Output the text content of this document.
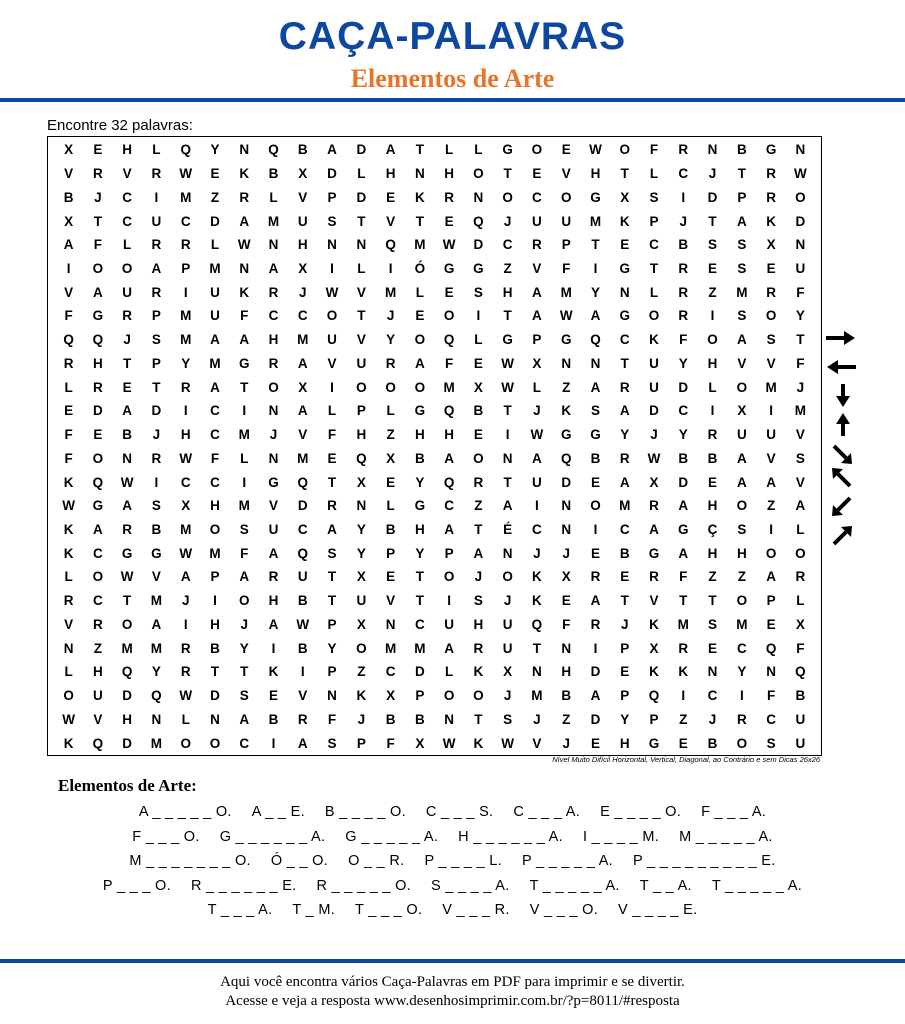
CAÇA-PALAVRAS
Elementos de Arte
Encontre 32 palavras:
X	E	H	L	Q	Y	N	Q	B	A	D	A	T	L	L	G	O	E	W	O	F	R	N	B	G	N
V	R	V	R	W	E	K	B	X	D	L	H	N	H	O	T	E	V	H	T	L	C	J	T	R	W
B	J	C	I	M	Z	R	L	V	P	D	E	K	R	N	O	C	O	G	X	S	I	D	P	R	O
X	T	C	U	C	D	A	M	U	S	T	V	T	E	Q	J	U	U	M	K	P	J	T	A	K	D
A	F	L	R	R	L	W	N	H	N	N	Q	M	W	D	C	R	P	T	E	C	B	S	S	X	N
I	O	O	A	P	M	N	A	X	I	L	I	Ó	G	G	Z	V	F	I	G	T	R	E	S	E	U
V	A	U	R	I	U	K	R	J	W	V	M	L	E	S	H	A	M	Y	N	L	R	Z	M	R	F
F	G	R	P	M	U	F	C	C	O	T	J	E	O	I	T	A	W	A	G	O	R	I	S	O	Y
Q	Q	J	S	M	A	A	H	M	U	V	Y	O	Q	L	G	P	G	Q	C	K	F	O	A	S	T
R	H	T	P	Y	M	G	R	A	V	U	R	A	F	E	W	X	N	N	T	U	Y	H	V	V	F
L	R	E	T	R	A	T	O	X	I	O	O	O	M	X	W	L	Z	A	R	U	D	L	O	M	J
E	D	A	D	I	C	I	N	A	L	P	L	G	Q	B	T	J	K	S	A	D	C	I	X	I	M
F	E	B	J	H	C	M	J	V	F	H	Z	H	H	E	I	W	G	G	Y	J	Y	R	U	U	V
F	O	N	R	W	F	L	N	M	E	Q	X	B	A	O	N	A	Q	B	R	W	B	B	A	V	S
K	Q	W	I	C	C	I	G	Q	T	X	E	Y	Q	R	T	U	D	E	A	X	D	E	A	A	V
W	G	A	S	X	H	M	V	D	R	N	L	G	C	Z	A	I	N	O	M	R	A	H	O	Z	A
K	A	R	B	M	O	S	U	C	A	Y	B	H	A	T	É	C	N	I	C	A	G	Ç	S	I	L
K	C	G	G	W	M	F	A	Q	S	Y	P	Y	P	A	N	J	J	E	B	G	A	H	H	O	O
L	O	W	V	A	P	A	R	U	T	X	E	T	O	J	O	K	X	R	E	R	F	Z	Z	A	R
R	C	T	M	J	I	O	H	B	T	U	V	T	I	S	J	K	E	A	T	V	T	T	O	P	L
V	R	O	A	I	H	J	A	W	P	X	N	C	U	H	U	Q	F	R	J	K	M	S	M	E	X
N	Z	M	M	R	B	Y	I	B	Y	O	M	M	A	R	U	T	N	I	P	X	R	E	C	Q	F
L	H	Q	Y	R	T	T	K	I	P	Z	C	D	L	K	X	N	H	D	E	K	K	N	Y	N	Q
O	U	D	Q	W	D	S	E	V	N	K	X	P	O	O	J	M	B	A	P	Q	I	C	I	F	B
W	V	H	N	L	N	A	B	R	F	J	B	B	N	T	S	J	Z	D	Y	P	Z	J	R	C	U
K	Q	D	M	O	O	C	I	A	S	P	F	X	W	K	W	V	J	E	H	G	E	B	O	S	U
Nível Muito Difícil Horizontal, Vertical, Diagonal, ao Contrário e sem Dicas 26x26
Elementos de Arte:
A _ _ _ _ _ O. A _ _ E. B _ _ _ _ O. C _ _ _ S. C _ _ _ A. E _ _ _ _ O. F _ _ _ A.
F _ _ _ O. G _ _ _ _ _ _ A. G _ _ _ _ _ A. H _ _ _ _ _ _ A. I _ _ _ _ M. M _ _ _ _ _ A.
M _ _ _ _ _ _ _ O. Ó _ _ O. O _ _ R. P _ _ _ _ L. P _ _ _ _ _ A. P _ _ _ _ _ _ _ _ _ E.
P _ _ _ O. R _ _ _ _ _ _ E. R _ _ _ _ _ O. S _ _ _ _ A. T _ _ _ _ _ A. T _ _ A. T _ _ _ _ _ A.
T _ _ _ A. T _ M. T _ _ _ O. V _ _ _ R. V _ _ _ O. V _ _ _ _ E.
Aqui você encontra vários Caça-Palavras em PDF para imprimir e se divertir.
Acesse e veja a resposta www.desenhosimprimir.com.br/?p=8011/#resposta
